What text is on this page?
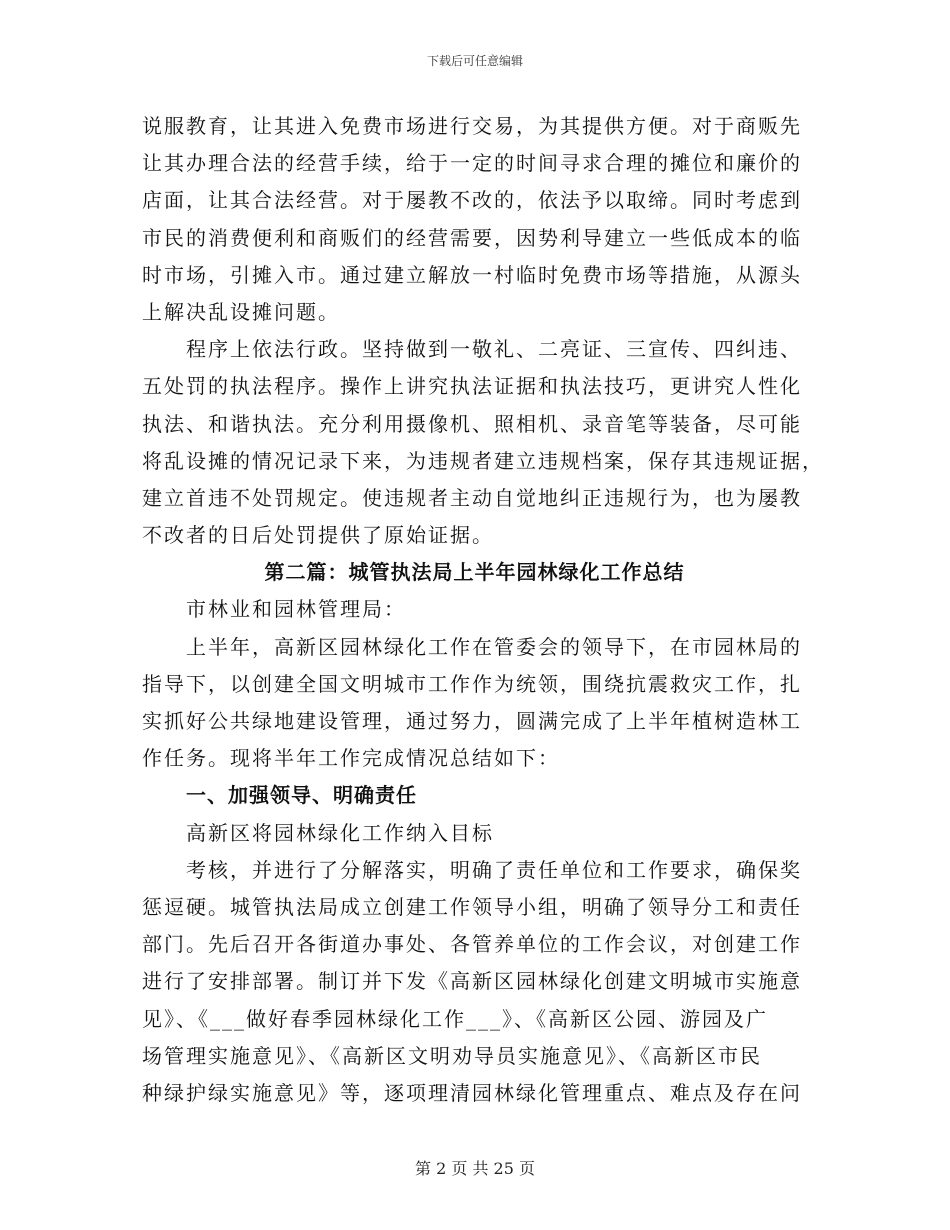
下载后可任意编辑
说服教育，让其进入免费市场进行交易，为其提供方便。对于商贩先
让其办理合法的经营手续，给于一定的时间寻求合理的摊位和廉价的
店面，让其合法经营。对于屡教不改的，依法予以取缔。同时考虑到
市民的消费便利和商贩们的经营需要，因势利导建立一些低成本的临
时市场，引摊入市。通过建立解放一村临时免费市场等措施，从源头
上解决乱设摊问题。
程序上依法行政。坚持做到一敬礼、二亮证、三宣传、四纠违、
五处罚的执法程序。操作上讲究执法证据和执法技巧，更讲究人性化
执法、和谐执法。充分利用摄像机、照相机、录音笔等装备，尽可能
将乱设摊的情况记录下来，为违规者建立违规档案，保存其违规证据，
建立首违不处罚规定。使违规者主动自觉地纠正违规行为，也为屡教
不改者的日后处罚提供了原始证据。
第二篇：城管执法局上半年园林绿化工作总结
市林业和园林管理局：
上半年，高新区园林绿化工作在管委会的领导下，在市园林局的
指导下，以创建全国文明城市工作作为统领，围绕抗震救灾工作，扎
实抓好公共绿地建设管理，通过努力，圆满完成了上半年植树造林工
作任务。现将半年工作完成情况总结如下：
一、加强领导、明确责任
高新区将园林绿化工作纳入目标
考核，并进行了分解落实，明确了责任单位和工作要求，确保奖
惩逗硬。城管执法局成立创建工作领导小组，明确了领导分工和责任
部门。先后召开各街道办事处、各管养单位的工作会议，对创建工作
进行了安排部署。制订并下发《高新区园林绿化创建文明城市实施意
见》、《___做好春季园林绿化工作___》、《高新区公园、游园及广
场管理实施意见》、《高新区文明劝导员实施意见》、《高新区市民
种绿护绿实施意见》等，逐项理清园林绿化管理重点、难点及存在问
第 2 页 共 25 页
